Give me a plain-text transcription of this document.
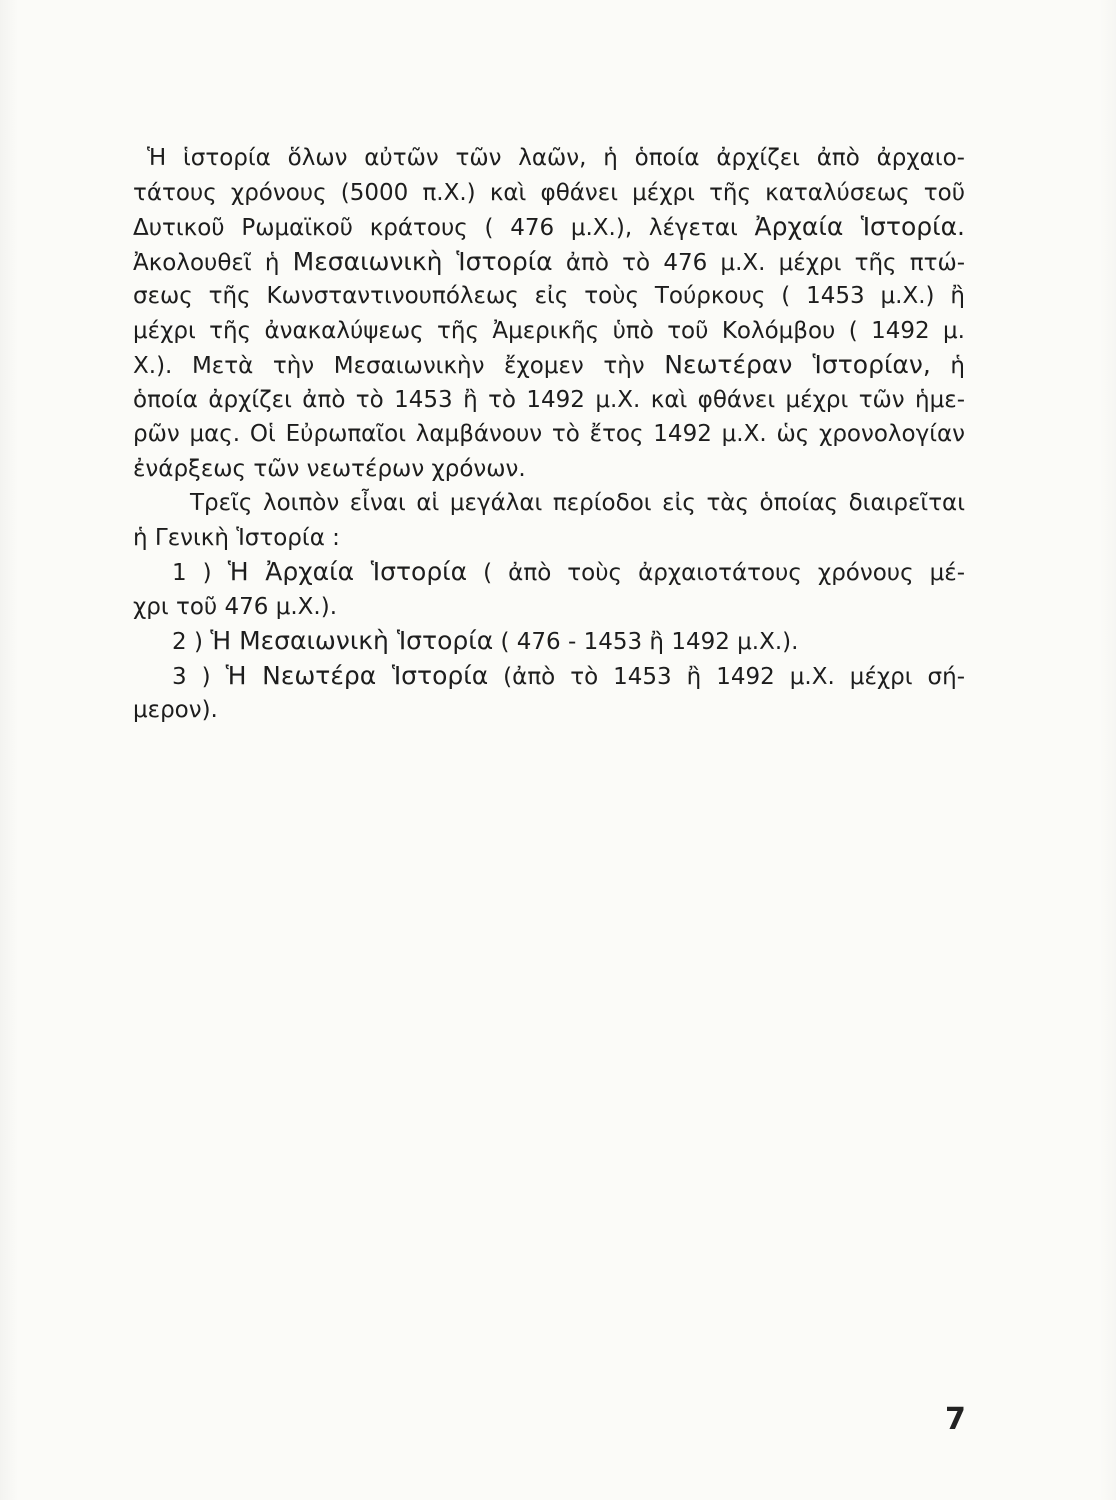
Ἡ ἱστορία ὅλων αὐτῶν τῶν λαῶν, ἡ ὁποία ἀρχίζει ἀπὸ ἀρχαιο-
τάτους χρόνους (5000 π.Χ.) καὶ φθάνει μέχρι τῆς καταλύσεως τοῦ
Δυτικοῦ Ρωμαϊκοῦ κράτους ( 476 μ.Χ.), λέγεται Ἀρχαία Ἱστορία.
Ἀκολουθεῖ ἡ Μεσαιωνικὴ Ἱστορία ἀπὸ τὸ 476 μ.Χ. μέχρι τῆς πτώ-
σεως τῆς Κωνσταντινουπόλεως εἰς τοὺς Τούρκους ( 1453 μ.Χ.) ἢ
μέχρι τῆς ἀνακαλύψεως τῆς Ἀμερικῆς ὑπὸ τοῦ Κολόμβου ( 1492 μ.
Χ.). Μετὰ τὴν Μεσαιωνικὴν ἔχομεν τὴν Νεωτέραν Ἱστορίαν, ἡ
ὁποία ἀρχίζει ἀπὸ τὸ 1453 ἢ τὸ 1492 μ.Χ. καὶ φθάνει μέχρι τῶν ἡμε-
ρῶν μας. Οἱ Εὐρωπαῖοι λαμβάνουν τὸ ἔτος 1492 μ.Χ. ὡς χρονολογίαν
ἐνάρξεως τῶν νεωτέρων χρόνων.
Τρεῖς λοιπὸν εἶναι αἱ μεγάλαι περίοδοι εἰς τὰς ὁποίας διαιρεῖται
ἡ Γενικὴ Ἱστορία :
1 ) Ἡ Ἀρχαία Ἱστορία ( ἀπὸ τοὺς ἀρχαιοτάτους χρόνους μέ-
χρι τοῦ 476 μ.Χ.).
2 ) Ἡ Μεσαιωνικὴ Ἱστορία ( 476 - 1453 ἢ 1492 μ.Χ.).
3 ) Ἡ Νεωτέρα Ἱστορία (ἀπὸ τὸ 1453 ἢ 1492 μ.Χ. μέχρι σή-
μερον).
7
